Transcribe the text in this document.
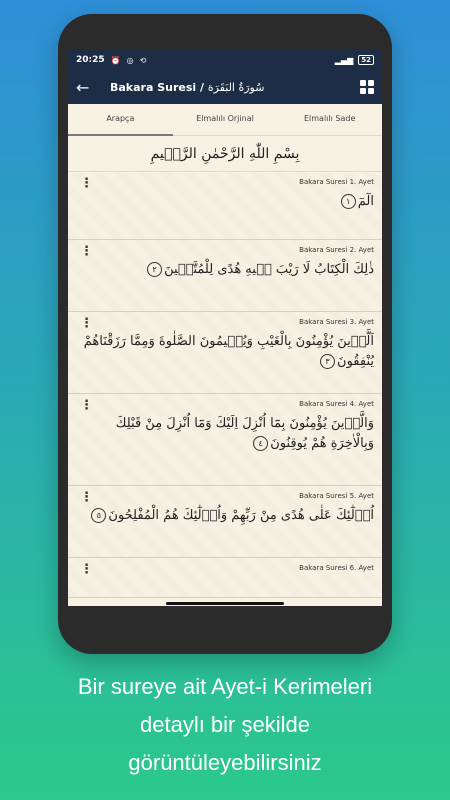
20:25 ⏰ ◎ ⟲	▂▄▆	52
←	Bakara Suresi / سُورَةُ البَقَرَة
Arapça	Elmalılı Orjinal	Elmalılı Sade
بِسْمِ اللّٰهِ الرَّحْمٰنِ الرَّح۪يمِ
⋮	Bakara Suresi 1. Ayet
الٓمٓ١
⋮	Bakara Suresi 2. Ayet
ذٰلِكَ الْكِتَابُ لَا رَيْبَ ف۪يهِ هُدًى لِلْمُتَّق۪ينَ٢
⋮	Bakara Suresi 3. Ayet
اَلَّذ۪ينَ يُؤْمِنُونَ بِالْغَيْبِ وَيُق۪يمُونَ الصَّلٰوةَ وَمِمَّا رَزَقْنَاهُمْ يُنْفِقُونَ٣
⋮	Bakara Suresi 4. Ayet
وَالَّذ۪ينَ يُؤْمِنُونَ بِمَٓا اُنْزِلَ اِلَيْكَ وَمَٓا اُنْزِلَ مِنْ قَبْلِكَ وَبِالْاٰخِرَةِ هُمْ يُوقِنُونَ٤
⋮	Bakara Suresi 5. Ayet
اُو۬لٰٓئِكَ عَلٰى هُدًى مِنْ رَبِّهِمْ وَاُو۬لٰٓئِكَ هُمُ الْمُفْلِحُونَ٥
⋮	Bakara Suresi 6. Ayet
Bir sureye ait Ayet-i Kerimeleri
detaylı bir şekilde
görüntüleyebilirsiniz
